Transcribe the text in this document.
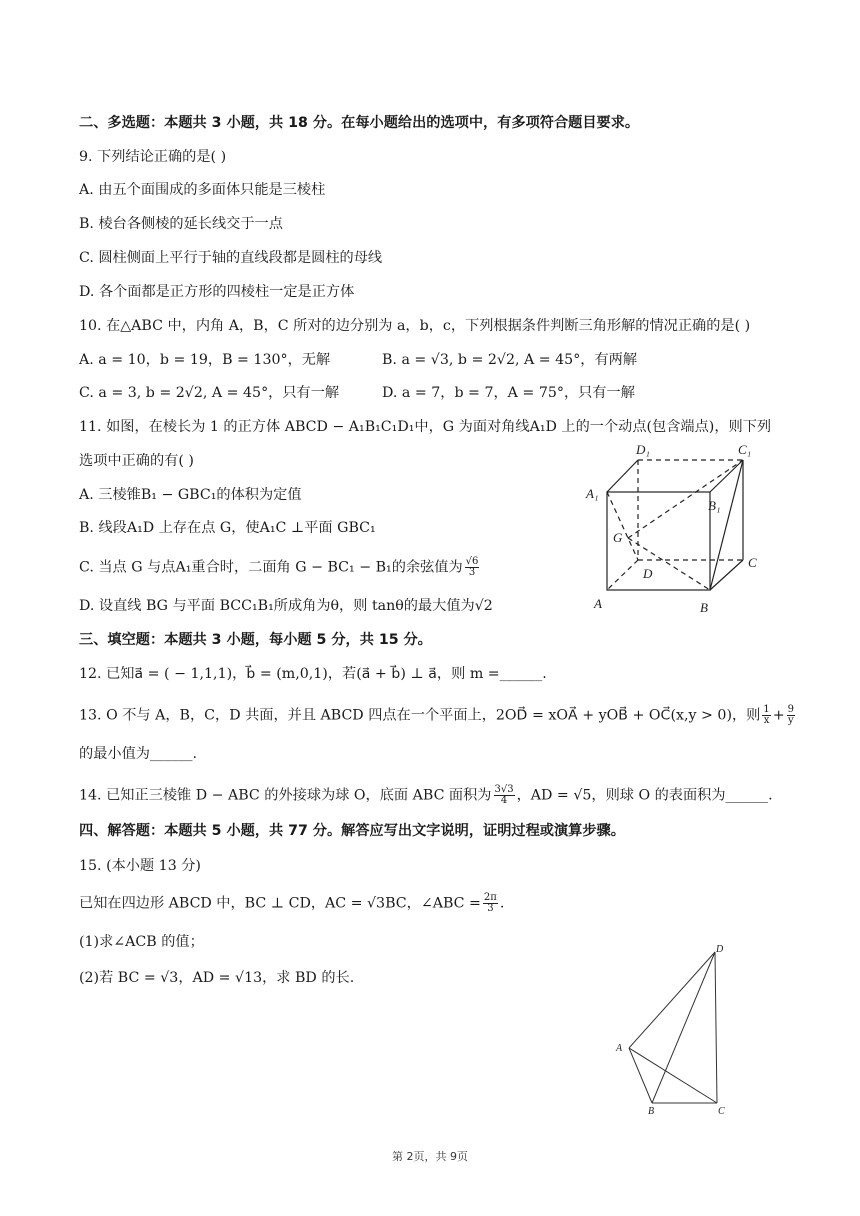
二、多选题：本题共 3 小题，共 18 分。在每小题给出的选项中，有多项符合题目要求。
9. 下列结论正确的是( )
A. 由五个面围成的多面体只能是三棱柱
B. 棱台各侧棱的延长线交于一点
C. 圆柱侧面上平行于轴的直线段都是圆柱的母线
D. 各个面都是正方形的四棱柱一定是正方体
10. 在△ABC 中，内角 A，B，C 所对的边分别为 a，b，c，下列根据条件判断三角形解的情况正确的是( )
A. a = 10，b = 19，B = 130°，无解	B. a = √3, b = 2√2, A = 45°，有两解
C. a = 3, b = 2√2, A = 45°，只有一解	D. a = 7，b = 7，A = 75°，只有一解
11. 如图，在棱长为 1 的正方体 ABCD − A₁B₁C₁D₁中，G 为面对角线A₁D 上的一个动点(包含端点)，则下列
选项中正确的有( )
A. 三棱锥B₁ − GBC₁的体积为定值
B. 线段A₁D 上存在点 G，使A₁C ⊥平面 GBC₁
C. 当点 G 与点A₁重合时，二面角 G − BC₁ − B₁的余弦值为 $\frac{√6}{3}$
D. 设直线 BG 与平面 BCC₁B₁所成角为θ，则 tanθ的最大值为√2
D₁	C₁
A₁
B₁
G
D
C
A	B
三、填空题：本题共 3 小题，每小题 5 分，共 15 分。
12. 已知a⃗ = ( − 1,1,1)，b⃗ = (m,0,1)，若(a⃗ + b⃗) ⊥ a⃗，则 m =______.
13. O 不与 A，B，C，D 共面，并且 ABCD 四点在一个平面上，2OD⃗ = xOA⃗ + yOB⃗ + OC⃗(x,y > 0)，则 $\frac{1}{x} + \frac{9}{y}$
的最小值为______.
14. 已知正三棱锥 D − ABC 的外接球为球 O，底面 ABC 面积为 $\frac{3√3}{4}$ ，AD = √5，则球 O 的表面积为______.
四、解答题：本题共 5 小题，共 77 分。解答应写出文字说明，证明过程或演算步骤。
15. (本小题 13 分)
已知在四边形 ABCD 中，BC ⊥ CD，AC = √3BC，∠ABC = $\frac{2\pi}{3}$ .
(1)求∠ACB 的值；
(2)若 BC = √3，AD = √13，求 BD 的长.
D
A
B	C
第 2页，共 9页
